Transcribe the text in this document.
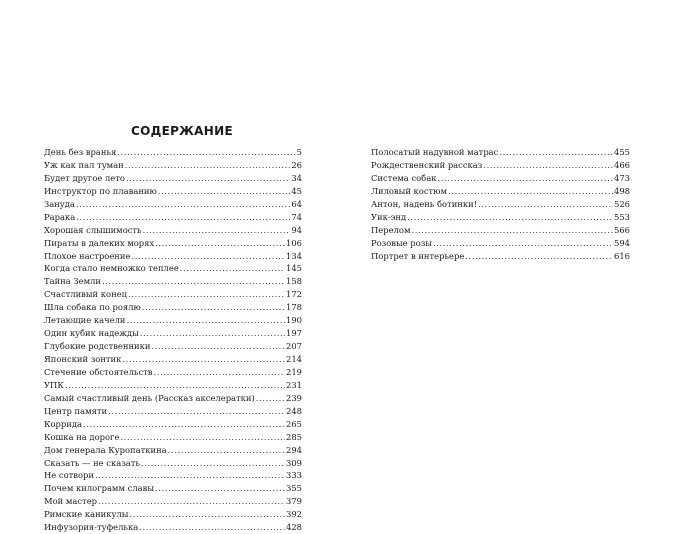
СОДЕРЖАНИЕ
День без вранья .....	5
Уж как пал туман .....	26
Будет другое лето .....	34
Инструктор по плаванию .....	45
Зануда .....	64
Рарака .....	74
Хорошая слышимость .....	94
Пираты в далеких морях .....	106
Плохое настроение .....	134
Когда стало немножко теплее .....	145
Тайна Земли .....	158
Счастливый конец .....	172
Шла собака по роялю .....	178
Летающие качели .....	190
Один кубик надежды .....	197
Глубокие родственники .....	207
Японский зонтик .....	214
Стечение обстоятельств .....	219
УПК .....	231
Самый счастливый день (Рассказ акселератки) .....	239
Центр памяти .....	248
Коррида .....	265
Кошка на дороге .....	285
Дом генерала Куропаткина .....	294
Сказать — не сказать .....	309
Не сотвори .....	333
Почем килограмм славы .....	355
Мой мастер .....	379
Римские каникулы .....	392
Инфузория-туфелька .....	428
Полосатый надувной матрас .....	455
Рождественский рассказ .....	466
Система собак .....	473
Лиловый костюм .....	498
Антон, надень ботинки! .....	526
Уик-энд .....	553
Перелом .....	566
Розовые розы .....	594
Портрет в интерьере .....	616
